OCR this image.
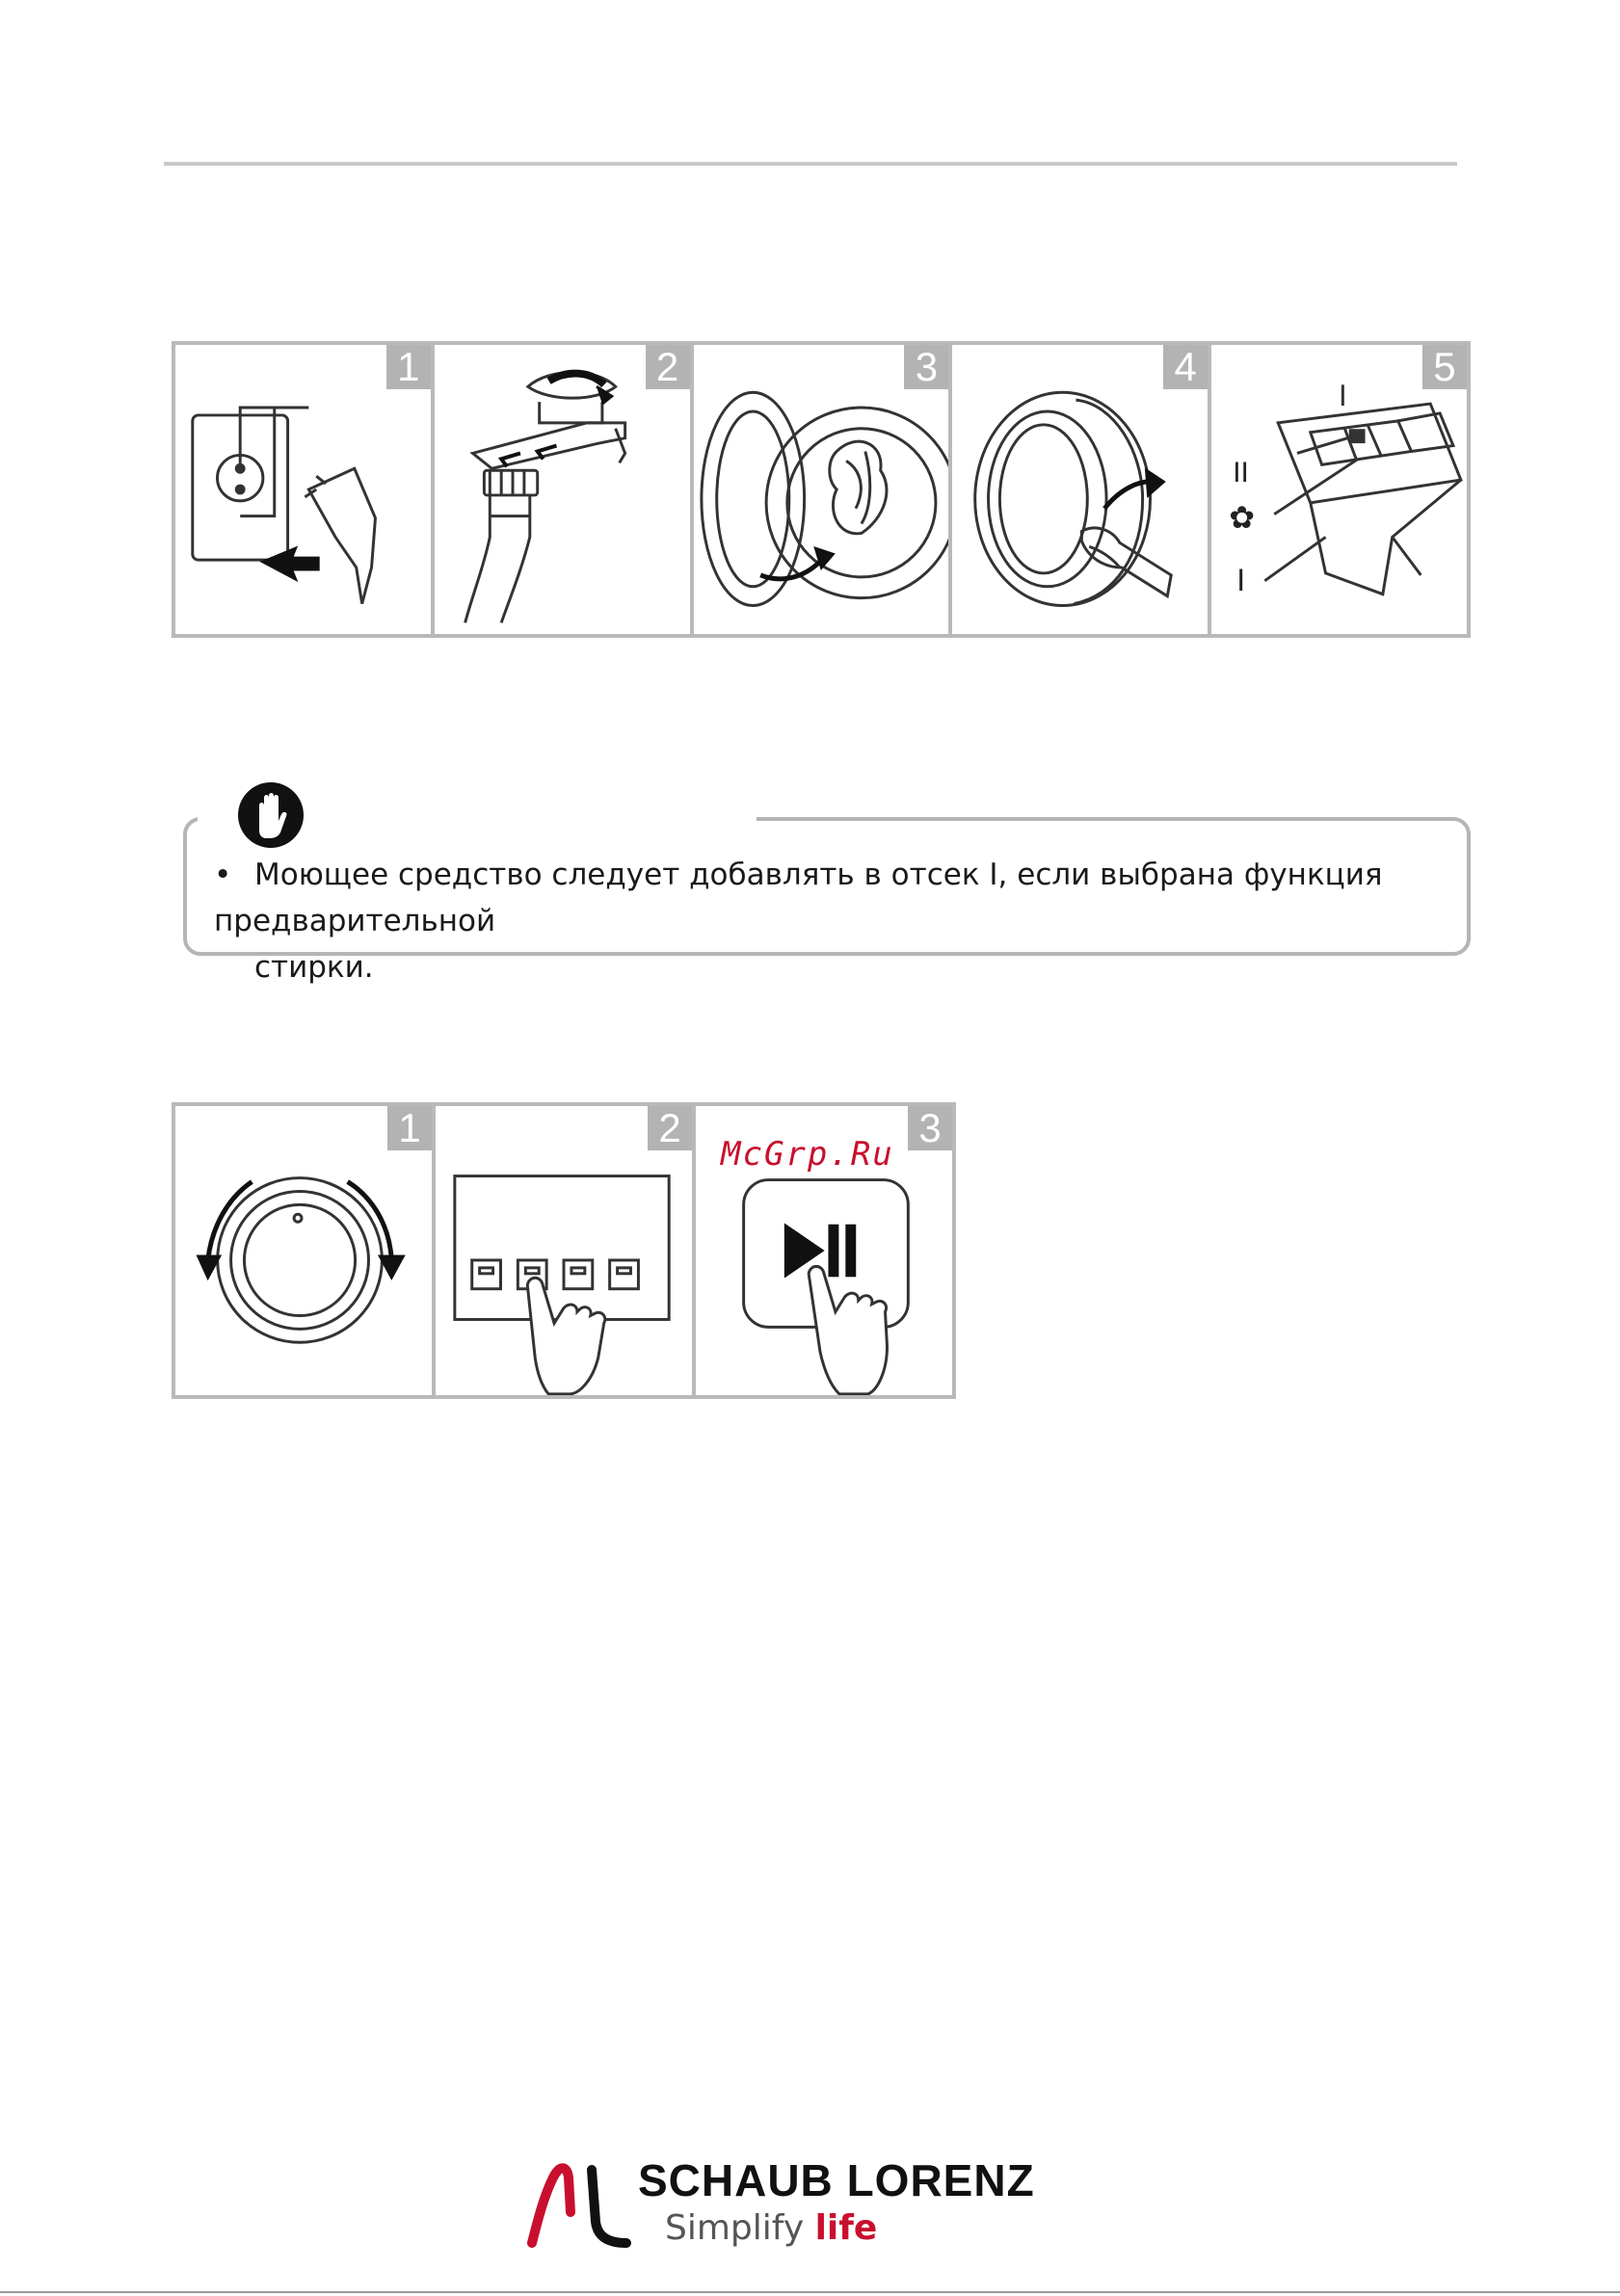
1	2	3	4
II
✿
I
5
• Моющее средство следует добавлять в отсек I, если выбрана функция предварительной
стирки.
1	2	3
McGrp.Ru
SCHAUB LORENZ
Simplify life
